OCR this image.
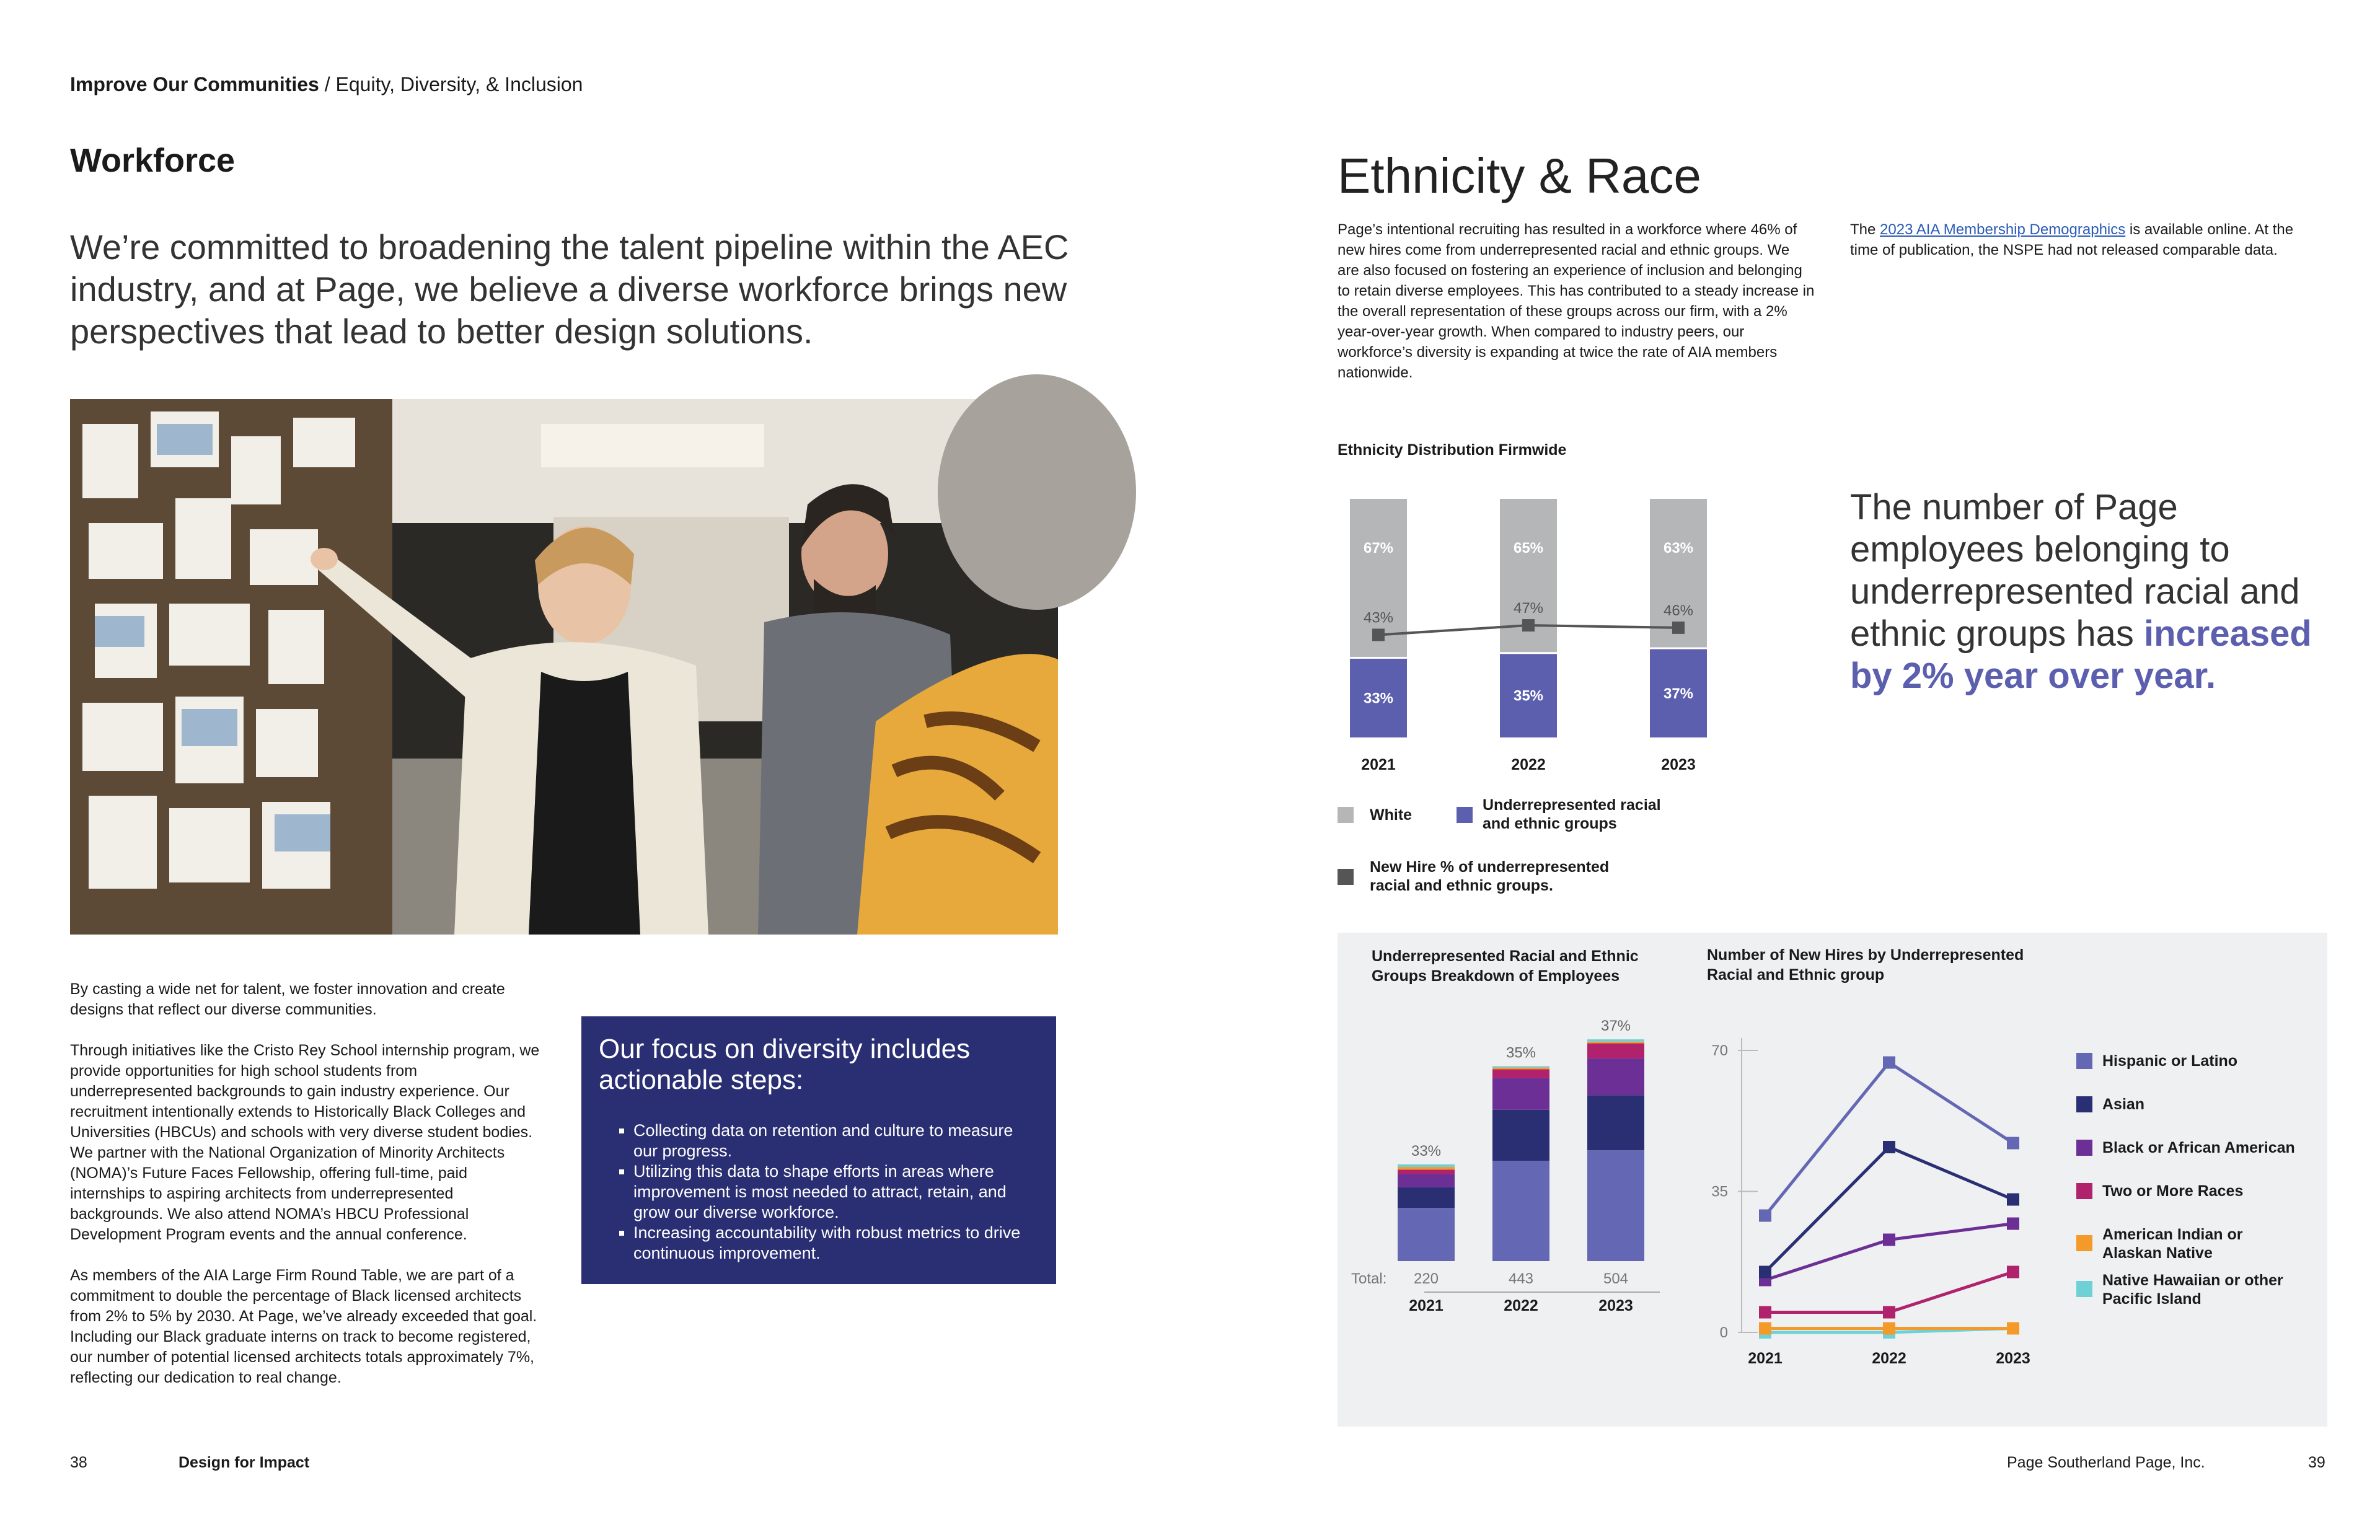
Improve Our Communities / Equity, Diversity, & Inclusion
Workforce
We’re committed to broadening the talent pipeline within the AEC industry, and at Page, we believe a diverse workforce brings new perspectives that lead to better design solutions.

By casting a wide net for talent, we foster innovation and create designs that reflect our diverse communities.

Through initiatives like the Cristo Rey School internship program, we provide opportunities for high school students from underrepresented backgrounds to gain industry experience. Our recruitment intentionally extends to Historically Black Colleges and Universities (HBCUs) and schools with very diverse student bodies. We partner with the National Organization of Minority Architects (NOMA)’s Future Faces Fellowship, offering full-time, paid internships to aspiring architects from underrepresented backgrounds. We also attend NOMA’s HBCU Professional Development Program events and the annual conference.

As members of the AIA Large Firm Round Table, we are part of a commitment to double the percentage of Black licensed architects from 2% to 5% by 2030. At Page, we’ve already exceeded that goal. Including our Black graduate interns on track to become registered, our number of potential licensed architects totals approximately 7%, reflecting our dedication to real change.

Our focus on diversity includes actionable steps:
▪ Collecting data on retention and culture to measure our progress.
▪ Utilizing this data to shape efforts in areas where improvement is most needed to attract, retain, and grow our diverse workforce.
▪ Increasing accountability with robust metrics to drive continuous improvement.
38	Design for Impact
Ethnicity & Race
Page’s intentional recruiting has resulted in a workforce where 46% of new hires come from underrepresented racial and ethnic groups. We are also focused on fostering an experience of inclusion and belonging to retain diverse employees. This has contributed to a steady increase in the overall representation of these groups across our firm, with a 2% year-over-year growth. When compared to industry peers, our workforce’s diversity is expanding at twice the rate of AIA members nationwide.
The 2023 AIA Membership Demographics is available online. At the time of publication, the NSPE had not released comparable data.
Ethnicity Distribution Firmwide
The number of Page employees belonging to underrepresented racial and ethnic groups has increased by 2% year over year.
67%
33%
2021
65%
35%
2022
63%
37%
2023
43%
47%	46%
White
Underrepresented racial
and ethnic groups
New Hire % of underrepresented
racial and ethnic groups.
Underrepresented Racial and Ethnic
Groups Breakdown of Employees
Number of New Hires by Underrepresented
Racial and Ethnic group
33%
220
2021
35%
443
2022
37%
504
2023
Total:
0
35
70
2021	2022	2023
Hispanic or Latino
Asian
Black or African American
Two or More Races
American Indian or
Alaskan Native
Native Hawaiian or other
Pacific Island
Page Southerland Page, Inc.	39
